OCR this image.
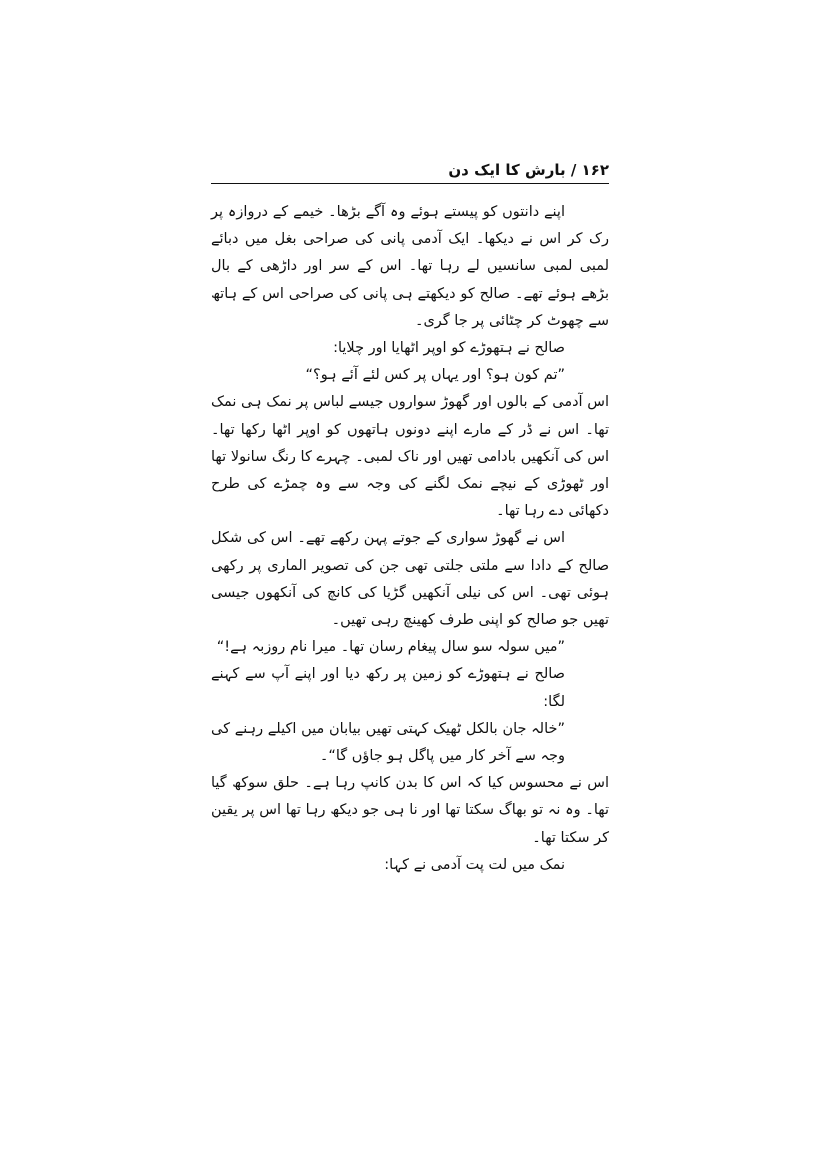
۱۶۲ / بارش کا ایک دن

اپنے دانتوں کو پیستے ہوئے وہ آگے بڑھا۔ خیمے کے دروازہ پر رک کر اس نے دیکھا۔ ایک آدمی پانی کی صراحی بغل میں دبائے لمبی لمبی سانسیں لے رہا تھا۔ اس کے سر اور داڑھی کے بال بڑھے ہوئے تھے۔ صالح کو دیکھتے ہی پانی کی صراحی اس کے ہاتھ سے چھوٹ کر چٹائی پر جا گری۔

صالح نے ہتھوڑے کو اوپر اٹھایا اور چلایا:

”تم کون ہو؟ اور یہاں پر کس لئے آئے ہو؟“

اس آدمی کے بالوں اور گھوڑ سواروں جیسے لباس پر نمک ہی نمک تھا۔ اس نے ڈر کے مارے اپنے دونوں ہاتھوں کو اوپر اٹھا رکھا تھا۔ اس کی آنکھیں بادامی تھیں اور ناک لمبی۔ چہرے کا رنگ سانولا تھا اور ٹھوڑی کے نیچے نمک لگنے کی وجہ سے وہ چمڑے کی طرح دکھائی دے رہا تھا۔

اس نے گھوڑ سواری کے جوتے پہن رکھے تھے۔ اس کی شکل صالح کے دادا سے ملتی جلتی تھی جن کی تصویر الماری پر رکھی ہوئی تھی۔ اس کی نیلی آنکھیں گڑیا کی کانچ کی آنکھوں جیسی تھیں جو صالح کو اپنی طرف کھینچ رہی تھیں۔

”میں سولہ سو سال پیغام رسان تھا۔ میرا نام روزبہ ہے!“

صالح نے ہتھوڑے کو زمین پر رکھ دیا اور اپنے آپ سے کہنے لگا:

”خالہ جان بالکل ٹھیک کہتی تھیں بیابان میں اکیلے رہنے کی وجہ سے آخر کار میں پاگل ہو جاؤں گا“۔

اس نے محسوس کیا کہ اس کا بدن کانپ رہا ہے۔ حلق سوکھ گیا تھا۔ وہ نہ تو بھاگ سکتا تھا اور نا ہی جو دیکھ رہا تھا اس پر یقین کر سکتا تھا۔

نمک میں لت پت آدمی نے کہا:
